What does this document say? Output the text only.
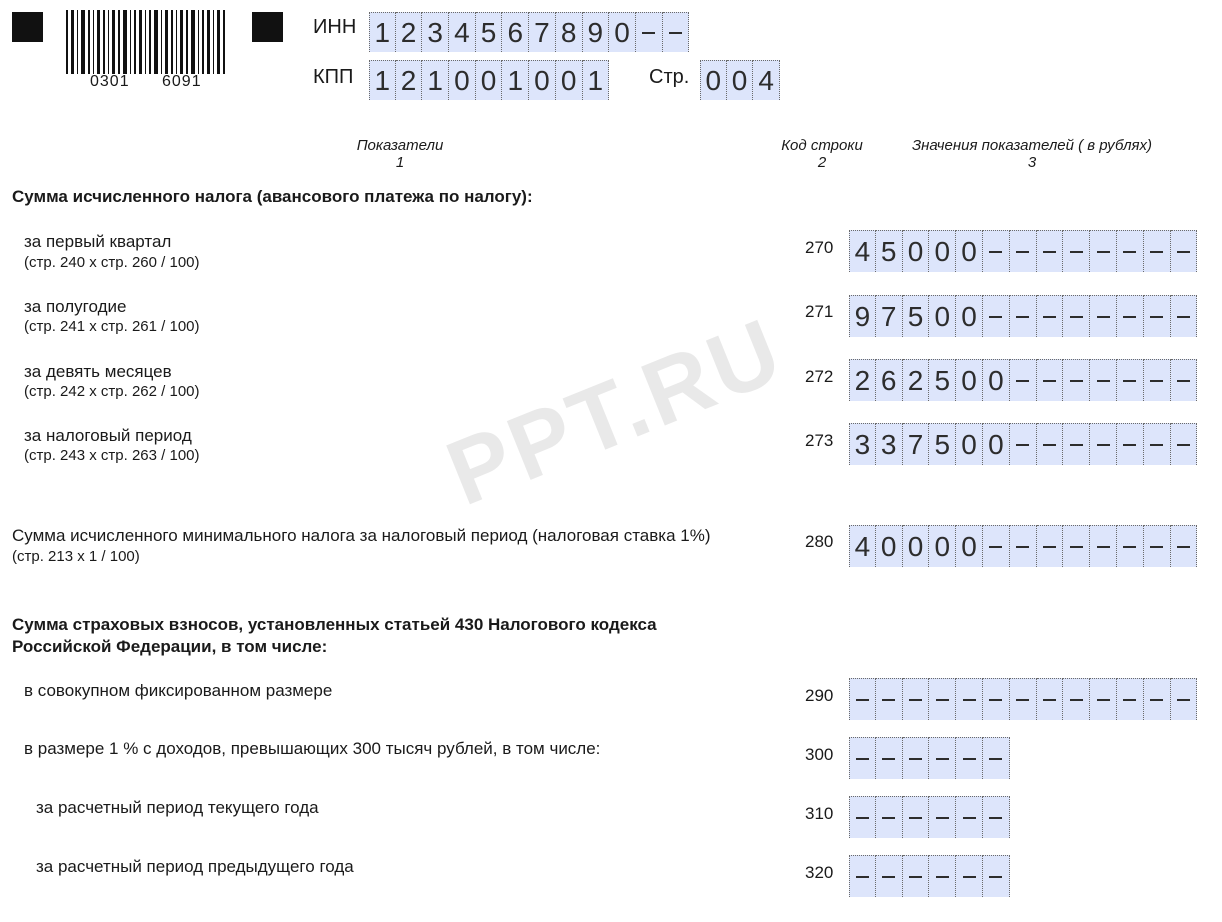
0301 6091
ИНН 1 2 3 4 5 6 7 8 9 0
КПП 1 2 1 0 0 1 0 0 1 Стр. 0 0 4
Показатели
1
Код строки
2
Значения показателей ( в рублях)
3
Сумма исчисленного налога (авансового платежа по налогу):
за первый квартал
(стр. 240 х стр. 260 / 100)
270 4 5 0 0 0
за полугодие
(стр. 241 х стр. 261 / 100)
271 9 7 5 0 0
за девять месяцев
(стр. 242 х стр. 262 / 100)
272 2 6 2 5 0 0
за налоговый период
(стр. 243 х стр. 263 / 100)
273 3 3 7 5 0 0
PPT.RU
Сумма исчисленного минимального налога за налоговый период (налоговая ставка 1%)
(стр. 213 х 1 / 100)
280 4 0 0 0 0
Сумма страховых взносов, установленных статьей 430 Налогового кодекса
Российской Федерации, в том числе:
в совокупном фиксированном размере	290
в размере 1 % с доходов, превышающих 300 тысяч рублей, в том числе:	300
за расчетный период текущего года	310
за расчетный период предыдущего года	320
